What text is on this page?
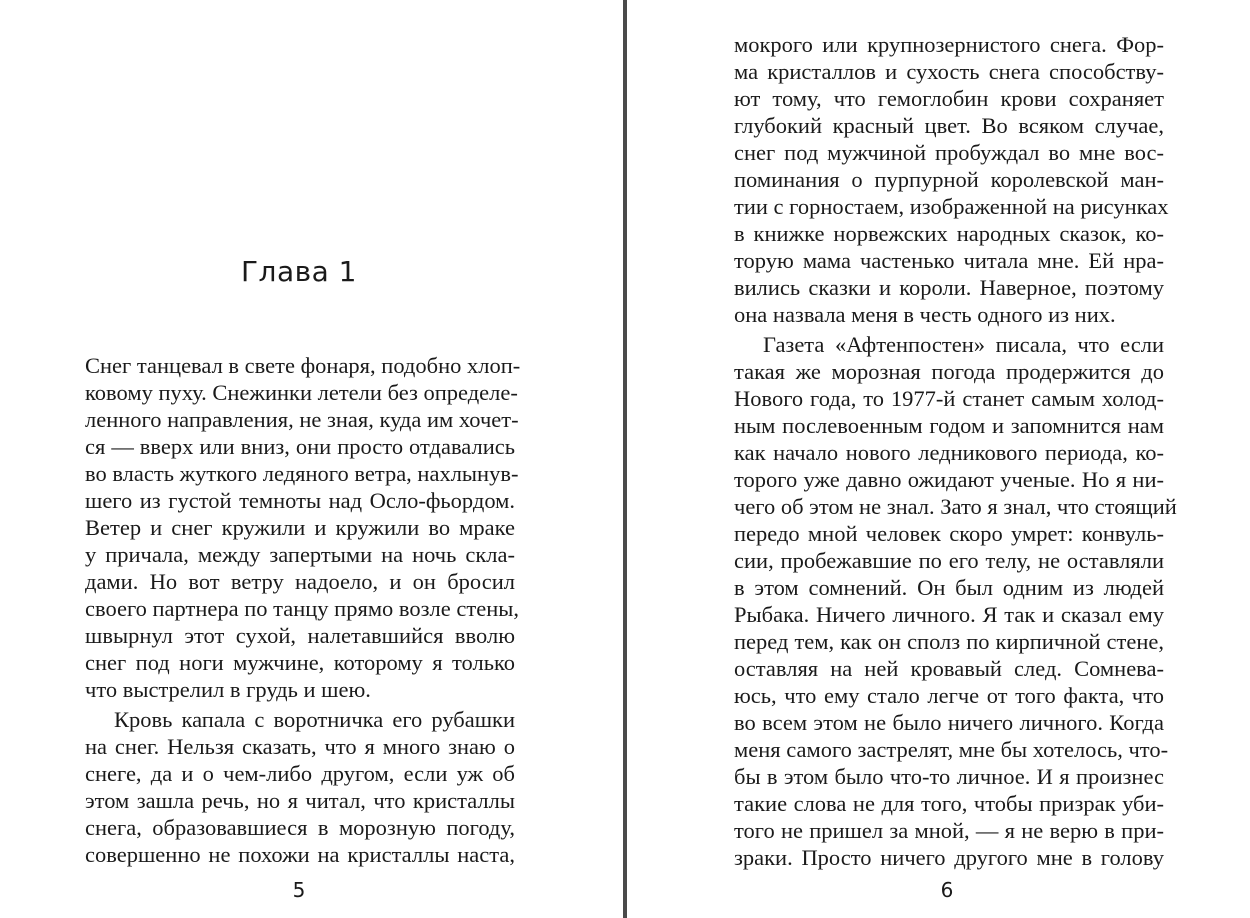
Глава 1
Снег танцевал в свете фонаря, подобно хлоп-
ковому пуху. Снежинки летели без определе-
ленного направления, не зная, куда им хочет-
ся — вверх или вниз, они просто отдавались
во власть жуткого ледяного ветра, нахлынув-
шего из густой темноты над Осло-фьордом.
Ветер и снег кружили и кружили во мраке
у причала, между запертыми на ночь скла-
дами. Но вот ветру надоело, и он бросил
своего партнера по танцу прямо возле стены,
швырнул этот сухой, налетавшийся вволю
снег под ноги мужчине, которому я только
что выстрелил в грудь и шею.
Кровь капала с воротничка его рубашки
на снег. Нельзя сказать, что я много знаю о
снеге, да и о чем-либо другом, если уж об
этом зашла речь, но я читал, что кристаллы
снега, образовавшиеся в морозную погоду,
совершенно не похожи на кристаллы наста,
5
мокрого или крупнозернистого снега. Фор-
ма кристаллов и сухость снега способству-
ют тому, что гемоглобин крови сохраняет
глубокий красный цвет. Во всяком случае,
снег под мужчиной пробуждал во мне вос-
поминания о пурпурной королевской ман-
тии с горностаем, изображенной на рисунках
в книжке норвежских народных сказок, ко-
торую мама частенько читала мне. Ей нра-
вились сказки и короли. Наверное, поэтому
она назвала меня в честь одного из них.
Газета «Афтенпостен» писала, что если
такая же морозная погода продержится до
Нового года, то 1977-й станет самым холод-
ным послевоенным годом и запомнится нам
как начало нового ледникового периода, ко-
торого уже давно ожидают ученые. Но я ни-
чего об этом не знал. Зато я знал, что стоящий
передо мной человек скоро умрет: конвуль-
сии, пробежавшие по его телу, не оставляли
в этом сомнений. Он был одним из людей
Рыбака. Ничего личного. Я так и сказал ему
перед тем, как он сполз по кирпичной стене,
оставляя на ней кровавый след. Сомнева-
юсь, что ему стало легче от того факта, что
во всем этом не было ничего личного. Когда
меня самого застрелят, мне бы хотелось, что-
бы в этом было что-то личное. И я произнес
такие слова не для того, чтобы призрак уби-
того не пришел за мной, — я не верю в при-
зраки. Просто ничего другого мне в голову
6
